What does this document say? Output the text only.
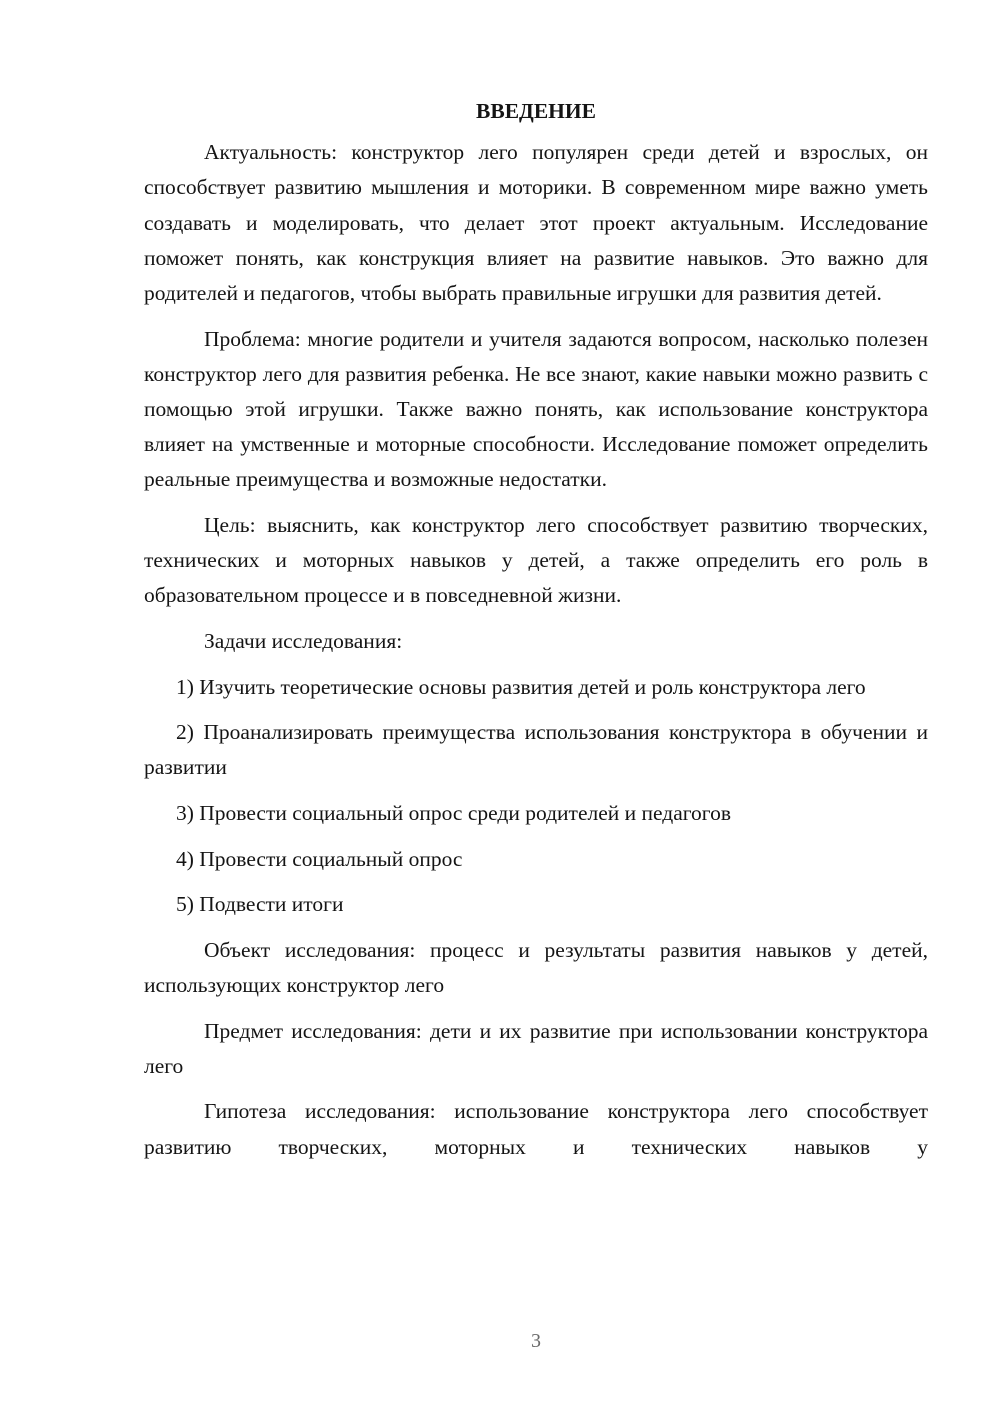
ВВЕДЕНИЕ

Актуальность: конструктор лего популярен среди детей и взрослых, он способствует развитию мышления и моторики. В современном мире важно уметь создавать и моделировать, что делает этот проект актуальным. Исследование поможет понять, как конструкция влияет на развитие навыков. Это важно для родителей и педагогов, чтобы выбрать правильные игрушки для развития детей.

Проблема: многие родители и учителя задаются вопросом, насколько полезен конструктор лего для развития ребенка. Не все знают, какие навыки можно развить с помощью этой игрушки. Также важно понять, как использование конструктора влияет на умственные и моторные способности. Исследование поможет определить реальные преимущества и возможные недостатки.

Цель: выяснить, как конструктор лего способствует развитию творческих, технических и моторных навыков у детей, а также определить его роль в образовательном процессе и в повседневной жизни.

Задачи исследования:

1) Изучить теоретические основы развития детей и роль конструктора лего

2) Проанализировать преимущества использования конструктора в обучении и развитии

3) Провести социальный опрос среди родителей и педагогов

4) Провести социальный опрос

5) Подвести итоги

Объект исследования: процесс и результаты развития навыков у детей, использующих конструктор лего

Предмет исследования: дети и их развитие при использовании конструктора лего

Гипотеза исследования: использование конструктора лего способствует развитию творческих, моторных и технических навыков у

3
